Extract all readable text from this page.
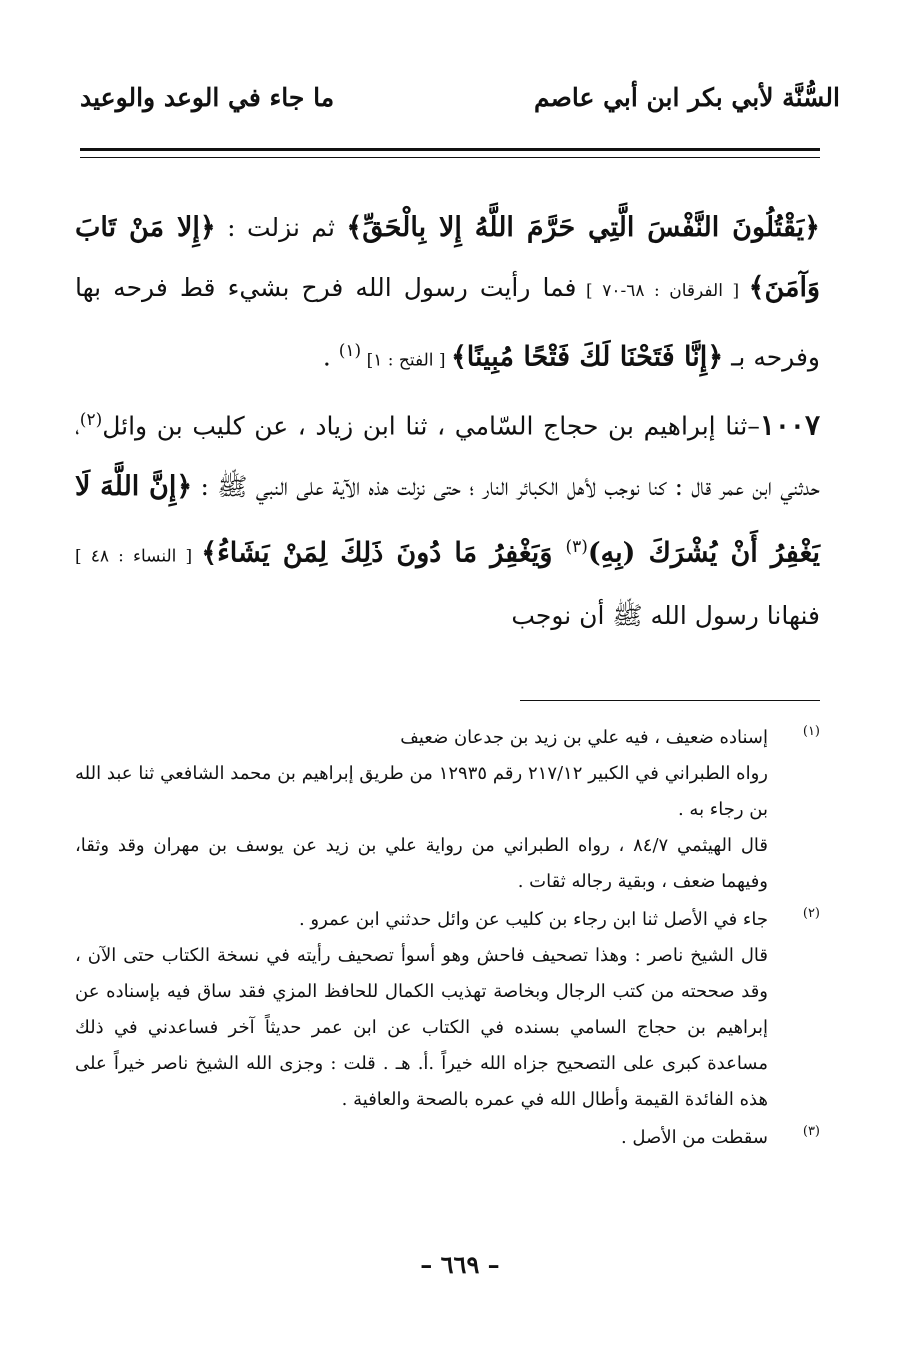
السُّنَّة لأبي بكر ابن أبي عاصم
ما جاء في الوعد والوعيد

﴿يَقْتُلُونَ النَّفْسَ الَّتِي حَرَّمَ اللَّهُ إِلا بِالْحَقِّ﴾ ثم نزلت : ﴿إِلا مَنْ تَابَ وَآمَنَ﴾ [ الفرقان : ٦٨-٧٠ ] فما رأيت رسول الله فرح بشيء قط فرحه بها وفرحه بـ ﴿إِنَّا فَتَحْنَا لَكَ فَتْحًا مُبِينًا﴾ [ الفتح : ١] $^{(١)}$ .

١٠٠٧–ثنا إبراهيم بن حجاج السّامي ، ثنا ابن زياد ، عن كليب بن وائل$^{(٢)}$، حدثني ابن عمر قال : كنا نوجب لأهل الكبائر النار ؛ حتى نزلت هذه الآية على النبي ﷺ : ﴿إِنَّ اللَّهَ لَا يَغْفِرُ أَنْ يُشْرَكَ (بِهِ)$^{(٣)}$ وَيَغْفِرُ مَا دُونَ ذَلِكَ لِمَنْ يَشَاءُ﴾ [ النساء : ٤٨ ] فنهانا رسول الله ﷺ أن نوجب

(١)
إسناده ضعيف ، فيه علي بن زيد بن جدعان ضعيف
رواه الطبراني في الكبير ٢١٧/١٢ رقم ١٢٩٣٥ من طريق إبراهيم بن محمد الشافعي ثنا عبد الله بن رجاء به .
قال الهيثمي ٨٤/٧ ، رواه الطبراني من رواية علي بن زيد عن يوسف بن مهران وقد وثقا، وفيهما ضعف ، وبقية رجاله ثقات .
(٢)
جاء في الأصل ثنا ابن رجاء بن كليب عن وائل حدثني ابن عمرو .
قال الشيخ ناصر : وهذا تصحيف فاحش وهو أسوأ تصحيف رأيته في نسخة الكتاب حتى الآن ، وقد صححته من كتب الرجال وبخاصة تهذيب الكمال للحافظ المزي فقد ساق فيه بإسناده عن إبراهيم بن حجاج السامي بسنده في الكتاب عن ابن عمر حديثاً آخر فساعدني في ذلك مساعدة كبرى على التصحيح جزاه الله خيراً .أ. هـ . قلت : وجزى الله الشيخ ناصر خيراً على هذه الفائدة القيمة وأطال الله في عمره بالصحة والعافية .
(٣)
سقطت من الأصل .
– ٦٦٩ –
